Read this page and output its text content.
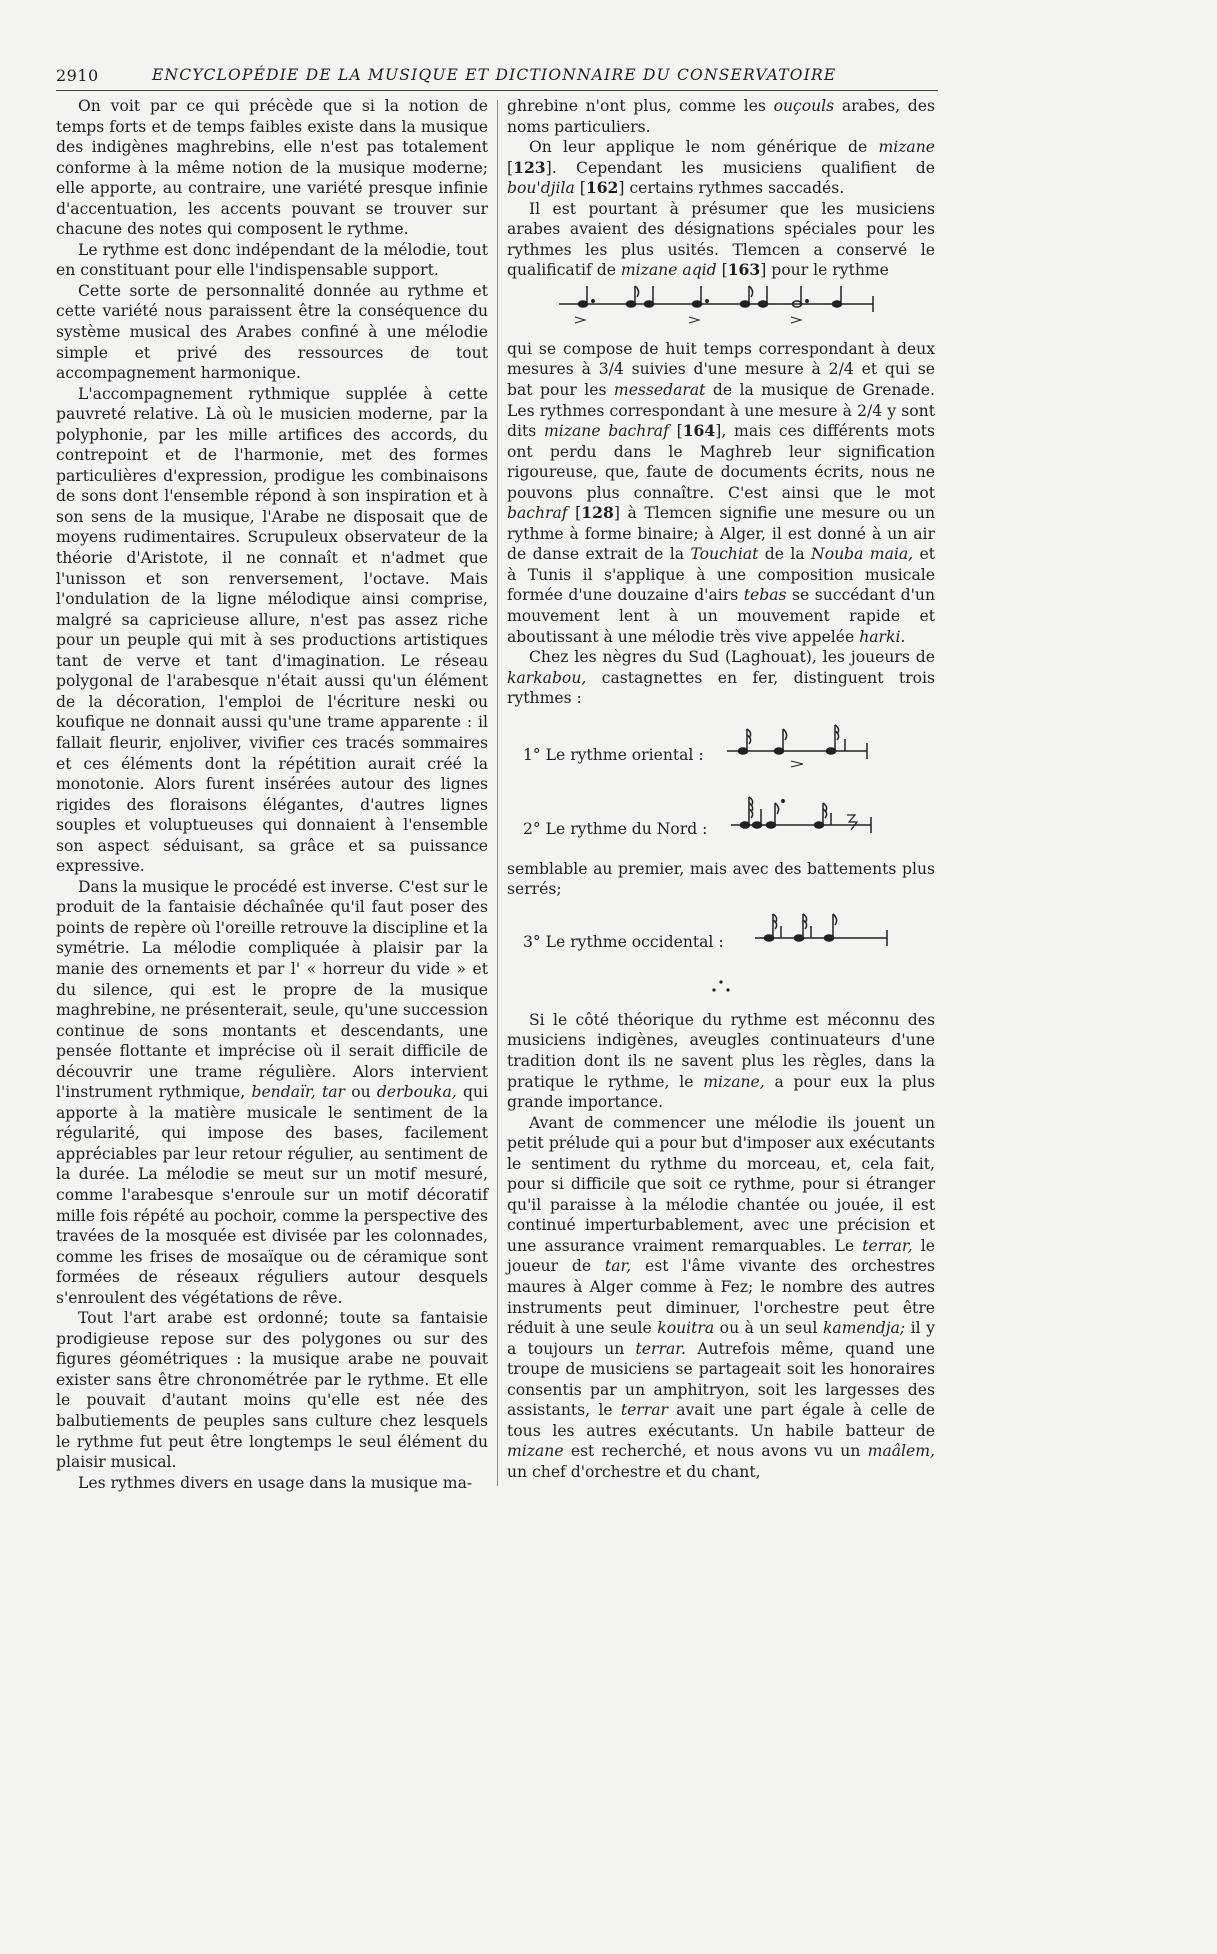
2910	ENCYCLOPÉDIE DE LA MUSIQUE ET DICTIONNAIRE DU CONSERVATOIRE

On voit par ce qui précède que si la notion de temps forts et de temps faibles existe dans la musique des indigènes maghrebins, elle n'est pas totalement conforme à la même notion de la musique moderne; elle apporte, au contraire, une variété presque infinie d'accentuation, les accents pouvant se trouver sur chacune des notes qui composent le rythme.

Le rythme est donc indépendant de la mélodie, tout en constituant pour elle l'indispensable support.

Cette sorte de personnalité donnée au rythme et cette variété nous paraissent être la conséquence du système musical des Arabes confiné à une mélodie simple et privé des ressources de tout accompagnement harmonique.

L'accompagnement rythmique supplée à cette pauvreté relative. Là où le musicien moderne, par la polyphonie, par les mille artifices des accords, du contrepoint et de l'harmonie, met des formes particulières d'expression, prodigue les combinaisons de sons dont l'ensemble répond à son inspiration et à son sens de la musique, l'Arabe ne disposait que de moyens rudimentaires. Scrupuleux observateur de la théorie d'Aristote, il ne connaît et n'admet que l'unisson et son renversement, l'octave. Mais l'ondulation de la ligne mélodique ainsi comprise, malgré sa capricieuse allure, n'est pas assez riche pour un peuple qui mit à ses productions artistiques tant de verve et tant d'imagination. Le réseau polygonal de l'arabesque n'était aussi qu'un élément de la décoration, l'emploi de l'écriture neski ou koufique ne donnait aussi qu'une trame apparente : il fallait fleurir, enjoliver, vivifier ces tracés sommaires et ces éléments dont la répétition aurait créé la monotonie. Alors furent insérées autour des lignes rigides des floraisons élégantes, d'autres lignes souples et voluptueuses qui donnaient à l'ensemble son aspect séduisant, sa grâce et sa puissance expressive.

Dans la musique le procédé est inverse. C'est sur le produit de la fantaisie déchaînée qu'il faut poser des points de repère où l'oreille retrouve la discipline et la symétrie. La mélodie compliquée à plaisir par la manie des ornements et par l' « horreur du vide » et du silence, qui est le propre de la musique maghrebine, ne présenterait, seule, qu'une succession continue de sons montants et descendants, une pensée flottante et imprécise où il serait difficile de découvrir une trame régulière. Alors intervient l'instrument rythmique, bendaïr, tar ou derbouka, qui apporte à la matière musicale le sentiment de la régularité, qui impose des bases, facilement appréciables par leur retour régulier, au sentiment de la durée. La mélodie se meut sur un motif mesuré, comme l'arabesque s'enroule sur un motif décoratif mille fois répété au pochoir, comme la perspective des travées de la mosquée est divisée par les colonnades, comme les frises de mosaïque ou de céramique sont formées de réseaux réguliers autour desquels s'enroulent des végétations de rêve.

Tout l'art arabe est ordonné; toute sa fantaisie prodigieuse repose sur des polygones ou sur des figures géométriques : la musique arabe ne pouvait exister sans être chronométrée par le rythme. Et elle le pouvait d'autant moins qu'elle est née des balbutiements de peuples sans culture chez lesquels le rythme fut peut être longtemps le seul élément du plaisir musical.

Les rythmes divers en usage dans la musique ma-

ghrebine n'ont plus, comme les ouçouls arabes, des noms particuliers.

On leur applique le nom générique de mizane [123]. Cependant les musiciens qualifient de bou'djila [162] certains rythmes saccadés.

Il est pourtant à présumer que les musiciens arabes avaient des désignations spéciales pour les rythmes les plus usités. Tlemcen a conservé le qualificatif de mizane aqid [163] pour le rythme

qui se compose de huit temps correspondant à deux mesures à 3/4 suivies d'une mesure à 2/4 et qui se bat pour les messedarat de la musique de Grenade. Les rythmes correspondant à une mesure à 2/4 y sont dits mizane bachraf [164], mais ces différents mots ont perdu dans le Maghreb leur signification rigoureuse, que, faute de documents écrits, nous ne pouvons plus connaître. C'est ainsi que le mot bachraf [128] à Tlemcen signifie une mesure ou un rythme à forme binaire; à Alger, il est donné à un air de danse extrait de la Touchiat de la Nouba maia, et à Tunis il s'applique à une composition musicale formée d'une douzaine d'airs tebas se succédant d'un mouvement lent à un mouvement rapide et aboutissant à une mélodie très vive appelée harki.

Chez les nègres du Sud (Laghouat), les joueurs de karkabou, castagnettes en fer, distinguent trois rythmes :

1° Le rythme oriental :
2° Le rythme du Nord :

semblable au premier, mais avec des battements plus serrés;

3° Le rythme occidental :

Si le côté théorique du rythme est méconnu des musiciens indigènes, aveugles continuateurs d'une tradition dont ils ne savent plus les règles, dans la pratique le rythme, le mizane, a pour eux la plus grande importance.

Avant de commencer une mélodie ils jouent un petit prélude qui a pour but d'imposer aux exécutants le sentiment du rythme du morceau, et, cela fait, pour si difficile que soit ce rythme, pour si étranger qu'il paraisse à la mélodie chantée ou jouée, il est continué imperturbablement, avec une précision et une assurance vraiment remarquables. Le terrar, le joueur de tar, est l'âme vivante des orchestres maures à Alger comme à Fez; le nombre des autres instruments peut diminuer, l'orchestre peut être réduit à une seule kouitra ou à un seul kamendja; il y a toujours un terrar. Autrefois même, quand une troupe de musiciens se partageait soit les honoraires consentis par un amphitryon, soit les largesses des assistants, le terrar avait une part égale à celle de tous les autres exécutants. Un habile batteur de mizane est recherché, et nous avons vu un maâlem, un chef d'orchestre et du chant,
